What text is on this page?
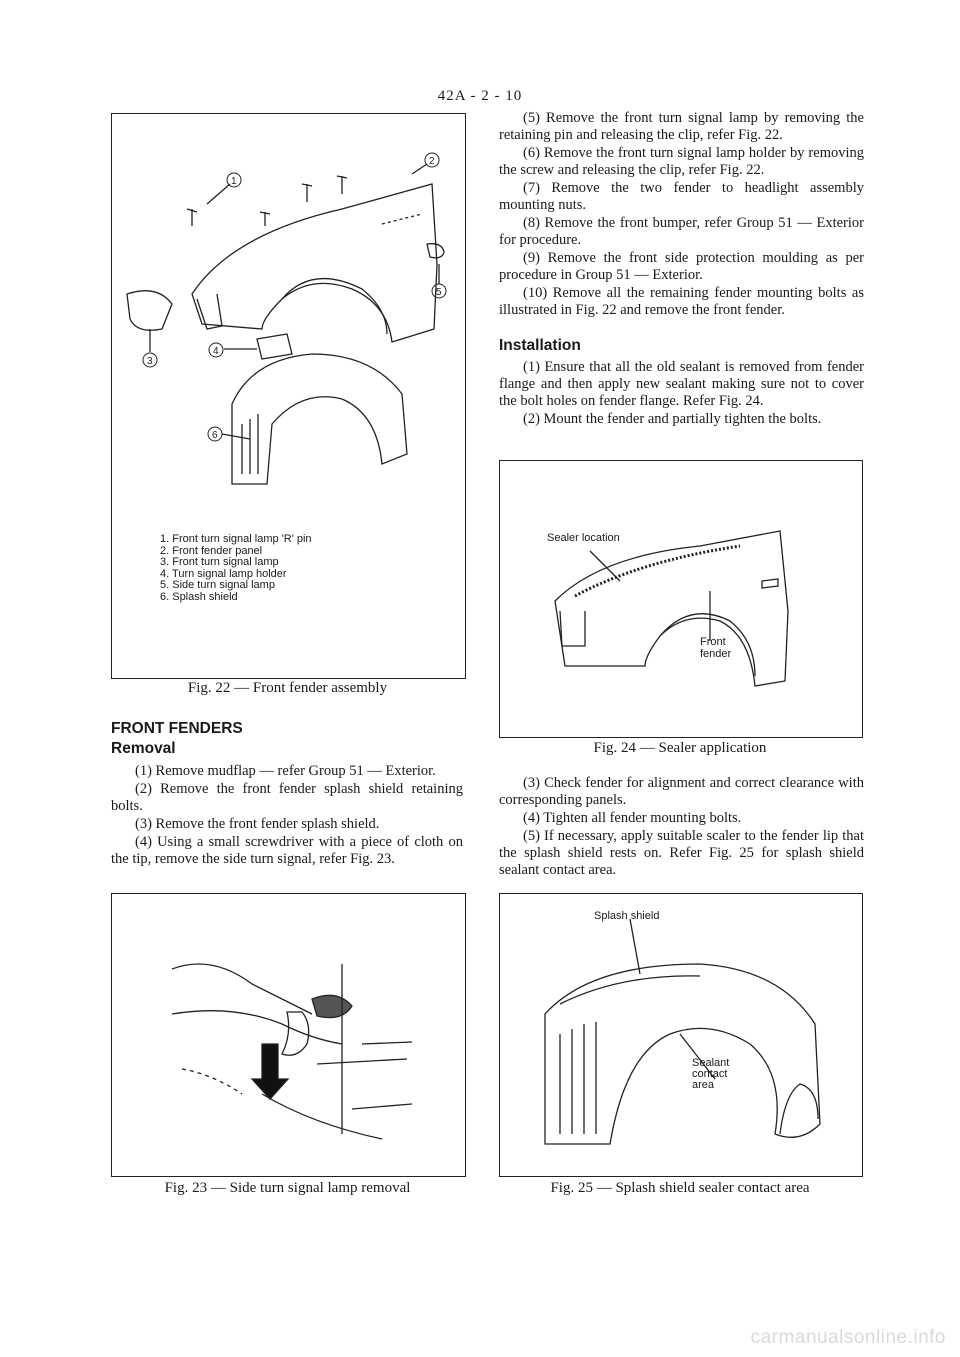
42A - 2 - 10
1
2
3
4
5
6
1. Front turn signal lamp 'R' pin
2. Front fender panel
3. Front turn signal lamp
4. Turn signal lamp holder
5. Side turn signal lamp
6. Splash shield
Fig. 22 — Front fender assembly
FRONT FENDERS
Removal

(1) Remove mudflap — refer Group 51 — Exterior.

(2) Remove the front fender splash shield retaining bolts.

(3) Remove the front fender splash shield.

(4) Using a small screwdriver with a piece of cloth on the tip, remove the side turn signal, refer Fig. 23.

Fig. 23 — Side turn signal lamp removal

(5) Remove the front turn signal lamp by removing the retaining pin and releasing the clip, refer Fig. 22.

(6) Remove the front turn signal lamp holder by removing the screw and releasing the clip, refer Fig. 22.

(7) Remove the two fender to headlight assembly mounting nuts.

(8) Remove the front bumper, refer Group 51 — Exterior for procedure.

(9) Remove the front side protection moulding as per procedure in Group 51 — Exterior.

(10) Remove all the remaining fender mounting bolts as illustrated in Fig. 22 and remove the front fender.

Installation

(1) Ensure that all the old sealant is removed from fender flange and then apply new sealant making sure not to cover the bolt holes on fender flange. Refer Fig. 24.

(2) Mount the fender and partially tighten the bolts.

Sealer location
Front
fender
Fig. 24 — Sealer application

(3) Check fender for alignment and correct clearance with corresponding panels.

(4) Tighten all fender mounting bolts.

(5) If necessary, apply suitable scaler to the fender lip that the splash shield rests on. Refer Fig. 25 for splash shield sealant contact area.

Splash shield
Sealant
contact
area
Fig. 25 — Splash shield sealer contact area
carmanualsonline.info
